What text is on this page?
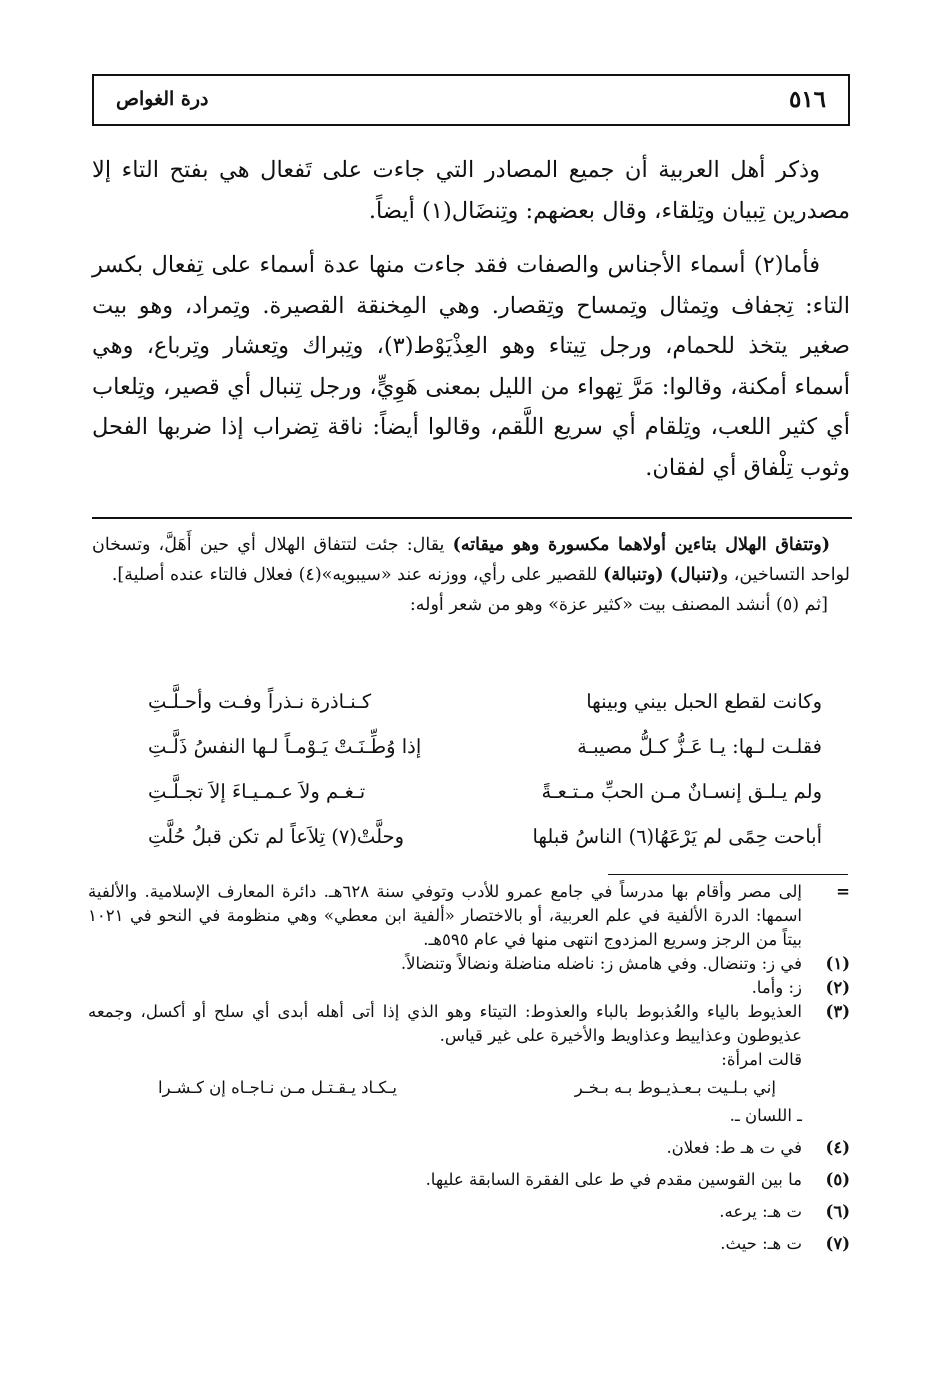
٥١٦
درة الغواص

وذكر أهل العربية أن جميع المصادر التي جاءت على تَفعال هي بفتح التاء إلا مصدرين تِبيان وتِلقاء، وقال بعضهم: وتِنضَال(١) أيضاً.

فأما(٢) أسماء الأجناس والصفات فقد جاءت منها عدة أسماء على تِفعال بكسر التاء: تِجفاف وتِمثال وتِمساح وتِقصار. وهي المِخنقة القصيرة. وتِمراد، وهو بيت صغير يتخذ للحمام، ورجل تِيتاء وهو العِذْيَوْط(٣)، وتِبراك وتِعشار وتِرباع، وهي أسماء أمكنة، وقالوا: مَرَّ تِهواء من الليل بمعنى هَوِيٍّ، ورجل تِنبال أي قصير، وتِلعاب أي كثير اللعب، وتِلقام أي سريع اللَّقم، وقالوا أيضاً: ناقة تِضراب إذا ضربها الفحل وثوب تِلْفاق أي لفقان.

(وتتفاق الهلال بتاءين أولاهما مكسورة وهو ميقاته) يقال: جئت لتتفاق الهلال أي حين أَهَلَّ، وتسخان لواحد التساخين، و(تنبال) (وتنبالة) للقصير على رأي، ووزنه عند «سيبويه»(٤) فعلال فالتاء عنده أصلية].

[ثم (٥) أنشد المصنف بيت «كثير عزة» وهو من شعر أوله:

وكانت لقطع الحبل بيني وبينها
كـنـاذرة نـذراً وفـت وأحـلَّـتِ
فقلـت لـها: يـا عَـزُّ كـلُّ مصيبـة
إذا وُطِّـنَـتْ يَـوْمـاً لـها النفسُ ذَلَّـتِ
ولم يـلـق إنسـانٌ مـن الحبِّ مـتـعـةً
تـغـم ولاَ عـمـيـاءَ إلاَ تجـلَّـتِ
أباحت حِمًى لم يَرْعَهُا(٦) الناسُ قبلها
وحلَّتْ(٧) تِلاَعاً لم تكن قبلُ حُلَّتِ
=
إلى مصر وأقام بها مدرساً في جامع عمرو للأدب وتوفي سنة ٦٢٨هـ. دائرة المعارف الإسلامية. والألفية اسمها: الدرة الألفية في علم العربية، أو بالاختصار «ألفية ابن معطي» وهي منظومة في النحو في ١٠٢١ بيتاً من الرجز وسريع المزدوج انتهى منها في عام ٥٩٥هـ.
(١)
في ز: وتنضال. وفي هامش ز: ناضله مناضلة ونضالاً وتنضالاً.
(٢)
ز: وأما.
(٣)
العذيوط بالياء والعُذبوط بالباء والعذوط: التيتاء وهو الذي إذا أتى أهله أبدى أي سلح أو أكسل، وجمعه عذيوطون وعذاييط وعذاويط والأخيرة على غير قياس.
قالت امرأة:
إني بـلـيت بـعـذيـوط بـه بـخـر
يـكـاد يـقـتـل مـن نـاجـاه إن كـشـرا
ـ اللسان ـ.
(٤)
في ت هـ ط: فعلان.
(٥)
ما بين القوسين مقدم في ط على الفقرة السابقة عليها.
(٦)
ت هـ: يرعه.
(٧)
ت هـ: حيث.
